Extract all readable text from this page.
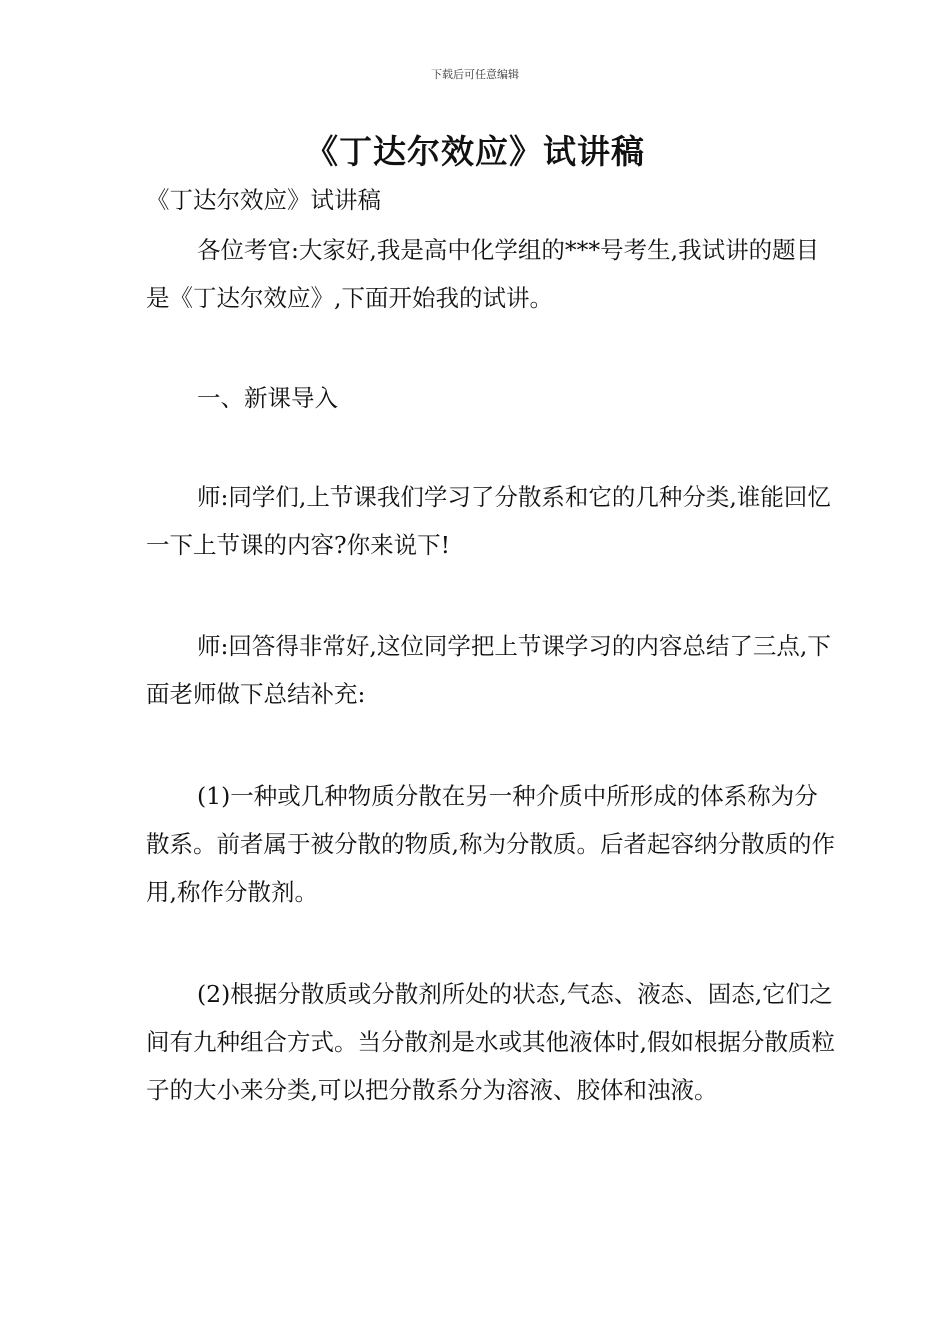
下载后可任意编辑
《丁达尔效应》试讲稿
《丁达尔效应》试讲稿
各位考官:大家好,我是高中化学组的***号考生,我试讲的题目是《丁达尔效应》,下面开始我的试讲。
一、新课导入
师:同学们,上节课我们学习了分散系和它的几种分类,谁能回忆一下上节课的内容?你来说下!
师:回答得非常好,这位同学把上节课学习的内容总结了三点,下面老师做下总结补充:
(1)一种或几种物质分散在另一种介质中所形成的体系称为分散系。前者属于被分散的物质,称为分散质。后者起容纳分散质的作用,称作分散剂。
(2)根据分散质或分散剂所处的状态,气态、液态、固态,它们之间有九种组合方式。当分散剂是水或其他液体时,假如根据分散质粒子的大小来分类,可以把分散系分为溶液、胶体和浊液。
